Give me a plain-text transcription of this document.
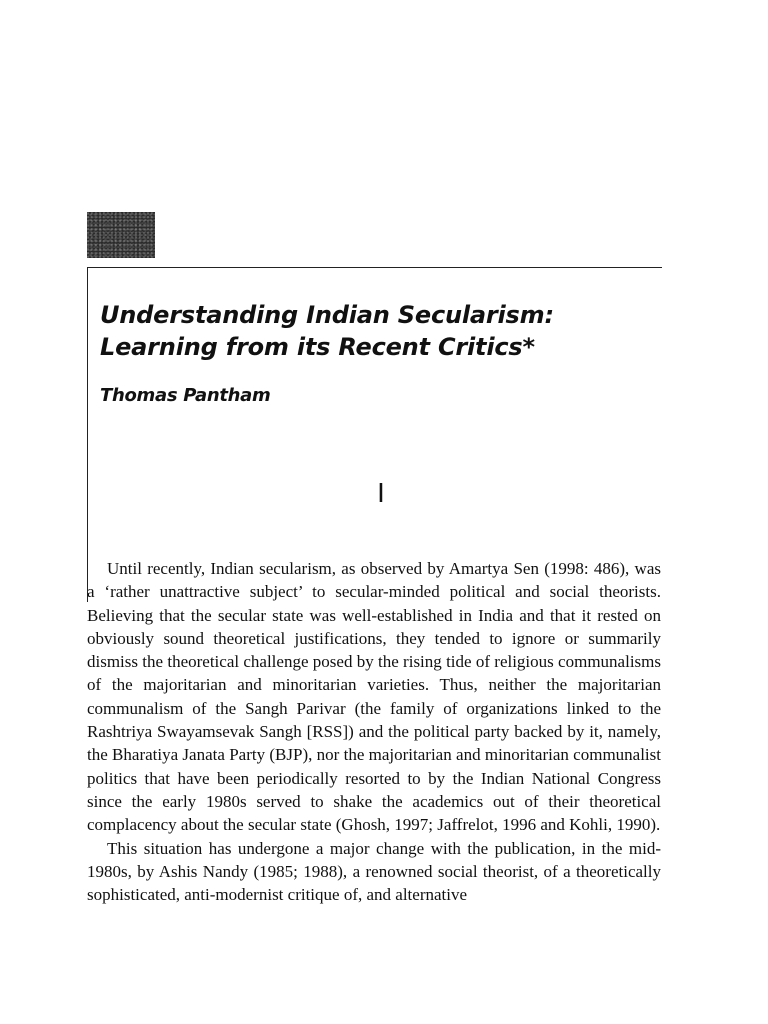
Understanding Indian Secularism:
Learning from its Recent Critics*
Thomas Pantham
I

Until recently, Indian secularism, as observed by Amartya Sen (1998: 486), was a ‘rather unattractive subject’ to secular-minded political and social theorists. Believing that the secular state was well-established in India and that it rested on obviously sound theoretical justifications, they tended to ignore or summarily dismiss the theoretical challenge posed by the rising tide of religious communalisms of the majoritarian and minoritarian varieties. Thus, neither the majoritarian communalism of the Sangh Parivar (the family of organizations linked to the Rashtriya Swayamsevak Sangh [RSS]) and the political party backed by it, namely, the Bharatiya Janata Party (BJP), nor the majoritarian and minoritarian communalist politics that have been periodically resorted to by the Indian National Congress since the early 1980s served to shake the academics out of their theoretical complacency about the secular state (Ghosh, 1997; Jaffrelot, 1996 and Kohli, 1990).

This situation has undergone a major change with the publication, in the mid-1980s, by Ashis Nandy (1985; 1988), a renowned social theorist, of a theoretically sophisticated, anti-modernist critique of, and alternative
